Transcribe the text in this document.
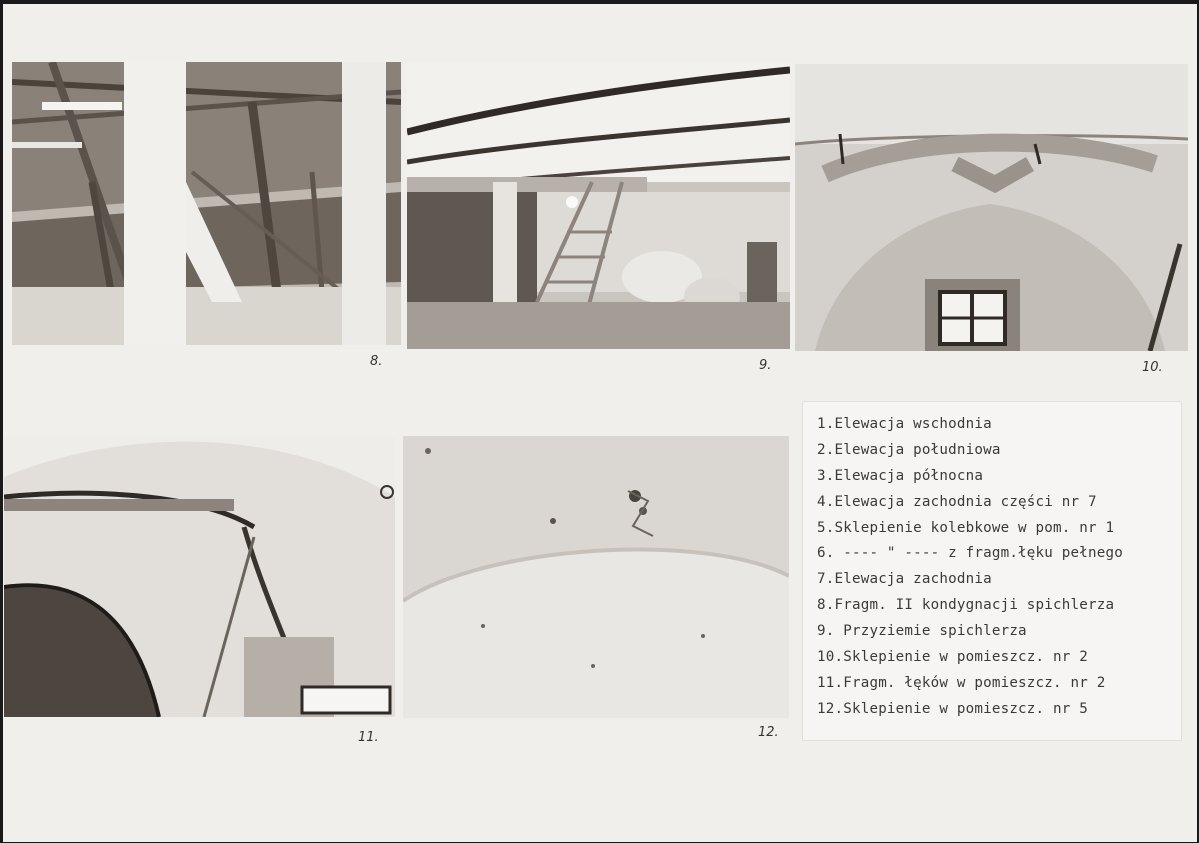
8.	9.	10.
11.	12.
1.Elewacja wschodnia
2.Elewacja południowa
3.Elewacja północna
4.Elewacja zachodnia części nr 7
5.Sklepienie kolebkowe w pom. nr 1
6. ---- " ---- z fragm.łęku pełnego
7.Elewacja zachodnia
8.Fragm. II kondygnacji spichlerza
9. Przyziemie spichlerza
10.Sklepienie w pomieszcz. nr 2
11.Fragm. łęków w pomieszcz. nr 2
12.Sklepienie w pomieszcz. nr 5
